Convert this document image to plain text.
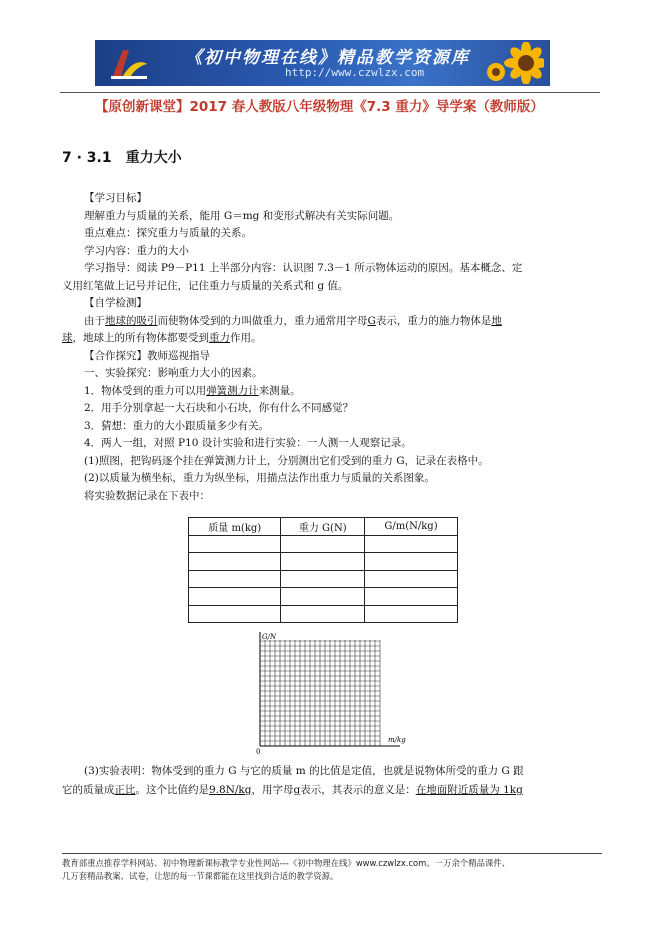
《初中物理在线》精品教学资源库
http://www.czwlzx.com
【原创新课堂】2017 春人教版八年级物理《7.3 重力》导学案（教师版）
7 · 3.1　重力大小
【学习目标】
理解重力与质量的关系，能用 G＝mg 和变形式解决有关实际问题。
重点难点：探究重力与质量的关系。
学习内容：重力的大小
学习指导：阅读 P9－P11 上半部分内容：认识图 7.3－1 所示物体运动的原因。基本概念、定
义用红笔做上记号并记住，记住重力与质量的关系式和 g 值。
【自学检测】
由于地球的吸引而使物体受到的力叫做重力，重力通常用字母G表示，重力的施力物体是地
球，地球上的所有物体都要受到重力作用。
【合作探究】教师巡视指导
一、实验探究：影响重力大小的因素。
1．物体受到的重力可以用弹簧测力计来测量。
2．用手分别拿起一大石块和小石块，你有什么不同感觉？
3．猜想：重力的大小跟质量多少有关。
4．两人一组，对照 P10 设计实验和进行实验：一人测一人观察记录。
(1)照图，把钩码逐个挂在弹簧测力计上，分别测出它们受到的重力 G，记录在表格中。
(2)以质量为横坐标，重力为纵坐标，用描点法作出重力与质量的关系图象。
将实验数据记录在下表中：
质量 m(kg)	重力 G(N)	G/m(N/kg)

G/N
m/kg
0
(3)实验表明：物体受到的重力 G 与它的质量 m 的比值是定值，也就是说物体所受的重力 G 跟
它的质量成正比。这个比值约是9.8N/kg，用字母g表示，其表示的意义是：在地面附近质量为 1kg
教育部重点推荐学科网站、初中物理新课标教学专业性网站---《初中物理在线》www.czwlzx.com。一万余个精品课件、
几万套精品教案、试卷，让您的每一节课都能在这里找到合适的教学资源。
